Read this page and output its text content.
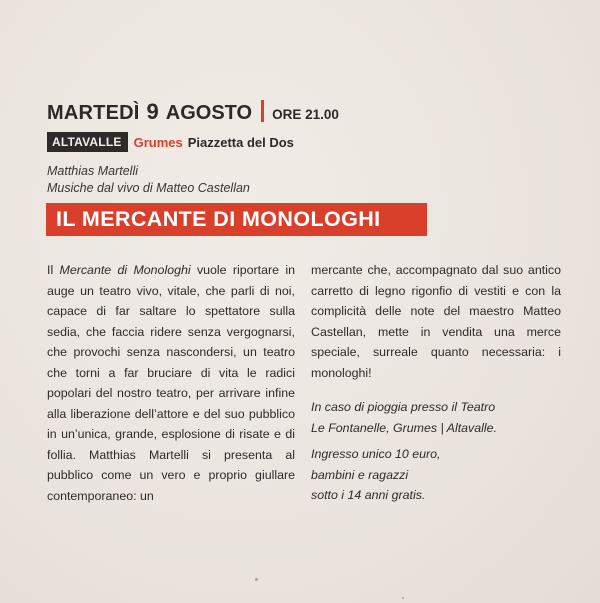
MARTEDÌ 9 AGOSTO ORE 21.00
ALTAVALLE Grumes Piazzetta del Dos
Matthias Martelli
Musiche dal vivo di Matteo Castellan
IL MERCANTE DI MONOLOGHI

Il Mercante di Monologhi vuole riportare in auge un teatro vivo, vitale, che parli di noi, capace di far saltare lo spettatore sulla sedia, che faccia ridere senza vergognarsi, che provochi senza nascondersi, un teatro che torni a far bruciare di vita le radici popolari del nostro teatro, per arrivare infine alla liberazione dell’attore e del suo pubblico in un’unica, grande, esplosione di risate e di follia. Matthias Martelli si presenta al pubblico come un vero e proprio giullare contemporaneo: un

mercante che, accompagnato dal suo antico carretto di legno rigonfio di vestiti e con la complicità delle note del maestro Matteo Castellan, mette in vendita una merce speciale, surreale quanto necessaria: i monologhi!

In caso di pioggia presso il Teatro
Le Fontanelle, Grumes | Altavalle.

Ingresso unico 10 euro,
bambini e ragazzi
sotto i 14 anni gratis.
